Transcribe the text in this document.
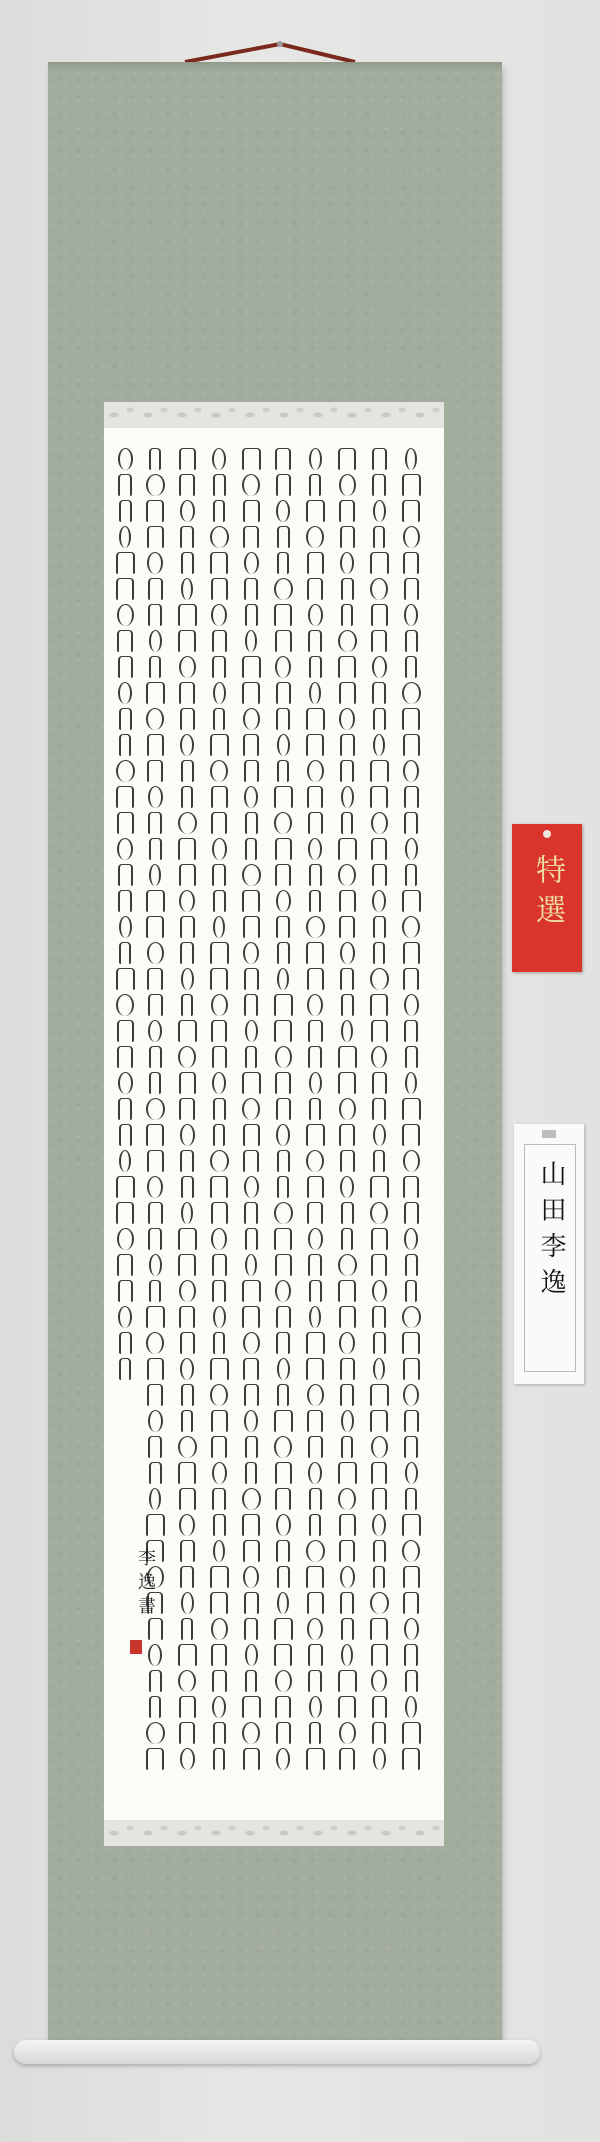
李逸書
特選
山田李逸
